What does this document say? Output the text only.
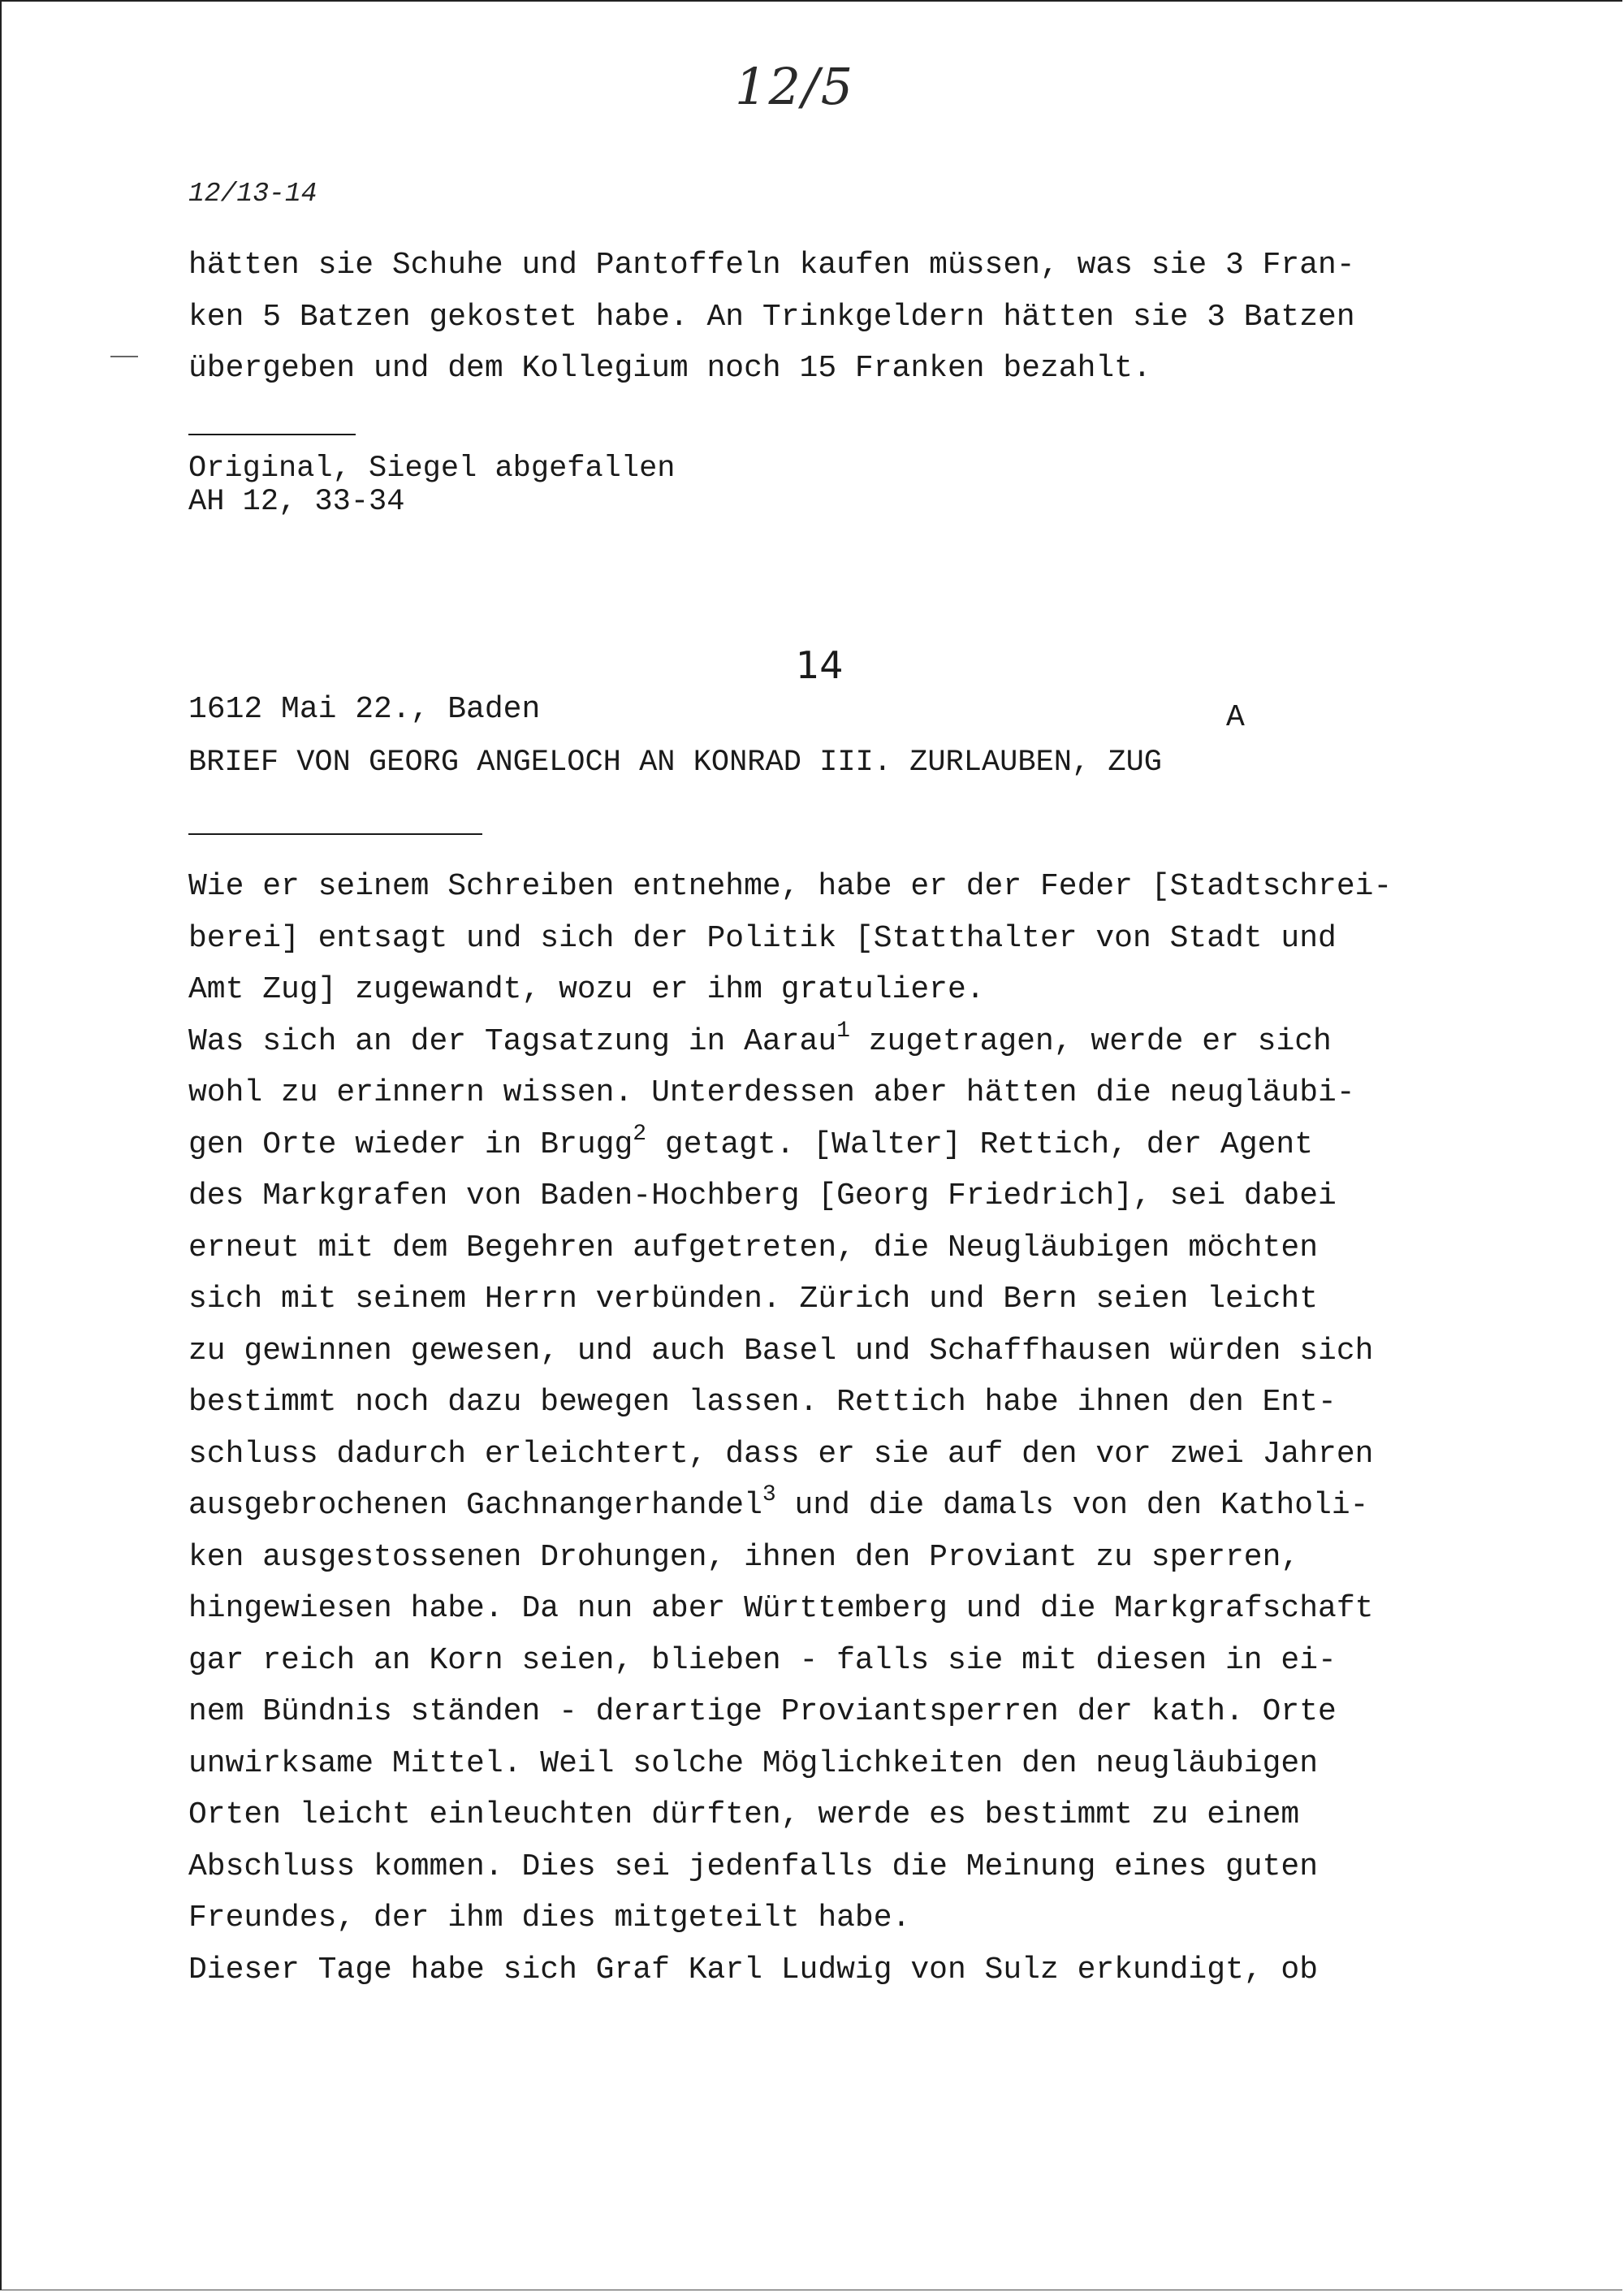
12/5
12/13-14
hätten sie Schuhe und Pantoffeln kaufen müssen, was sie 3 Fran-
ken 5 Batzen gekostet habe. An Trinkgeldern hätten sie 3 Batzen
übergeben und dem Kollegium noch 15 Franken bezahlt.
Original, Siegel abgefallen
AH 12, 33-34
14
1612 Mai 22., Baden	A
BRIEF VON GEORG ANGELOCH AN KONRAD III. ZURLAUBEN, ZUG
Wie er seinem Schreiben entnehme, habe er der Feder [Stadtschrei-
berei] entsagt und sich der Politik [Statthalter von Stadt und
Amt Zug] zugewandt, wozu er ihm gratuliere.
Was sich an der Tagsatzung in Aarau$^1$ zugetragen, werde er sich
wohl zu erinnern wissen. Unterdessen aber hätten die neugläubi-
gen Orte wieder in Brugg$^2$ getagt. [Walter] Rettich, der Agent
des Markgrafen von Baden-Hochberg [Georg Friedrich], sei dabei
erneut mit dem Begehren aufgetreten, die Neugläubigen möchten
sich mit seinem Herrn verbünden. Zürich und Bern seien leicht
zu gewinnen gewesen, und auch Basel und Schaffhausen würden sich
bestimmt noch dazu bewegen lassen. Rettich habe ihnen den Ent-
schluss dadurch erleichtert, dass er sie auf den vor zwei Jahren
ausgebrochenen Gachnangerhandel$^3$ und die damals von den Katholi-
ken ausgestossenen Drohungen, ihnen den Proviant zu sperren,
hingewiesen habe. Da nun aber Württemberg und die Markgrafschaft
gar reich an Korn seien, blieben - falls sie mit diesen in ei-
nem Bündnis ständen - derartige Proviantsperren der kath. Orte
unwirksame Mittel. Weil solche Möglichkeiten den neugläubigen
Orten leicht einleuchten dürften, werde es bestimmt zu einem
Abschluss kommen. Dies sei jedenfalls die Meinung eines guten
Freundes, der ihm dies mitgeteilt habe.
Dieser Tage habe sich Graf Karl Ludwig von Sulz erkundigt, ob
